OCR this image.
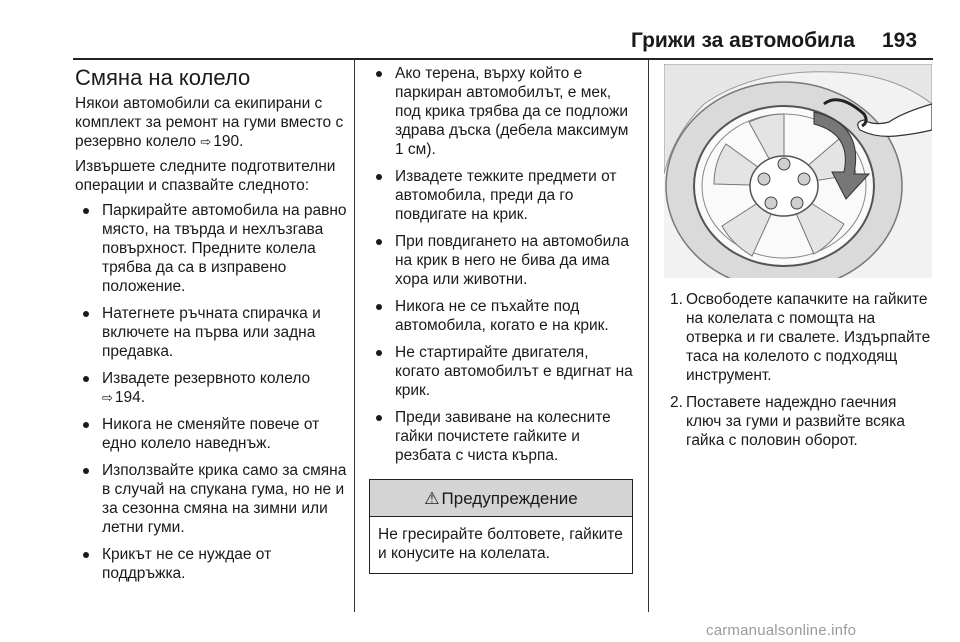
Грижи за автомобила 193
Смяна на колело

Някои автомобили са екипирани с комплект за ремонт на гуми вместо с резервно колело ⇨ 190.

Извършете следните подготвителни операции и спазвайте следното:

Паркирайте автомобила на равно място, на твърда и нехлъзгава повърхност. Предните колела трябва да са в изправено положение.
Натегнете ръчната спирачка и включете на първа или задна предавка.
Извадете резервното колело
⇨ 194.
Никога не сменяйте повече от едно колело наведнъж.
Използвайте крика само за смяна в случай на спукана гума, но не и за сезонна смяна на зимни или летни гуми.
Крикът не се нуждае от поддръжка.
Ако терена, върху който е паркиран автомобилът, е мек, под крика трябва да се подложи здрава дъска (дебела максимум 1 см).
Извадете тежките предмети от автомобила, преди да го повдигате на крик.
При повдигането на автомобила на крик в него не бива да има хора или животни.
Никога не се пъхайте под автомобила, когато е на крик.
Не стартирайте двигателя, когато автомобилът е вдигнат на крик.
Преди завиване на колесните гайки почистете гайките и резбата с чиста кърпа.
⚠ Предупреждение
Не гресирайте болтовете, гайките и конусите на колелата.
1. Освободете капачките на гайките на колелата с помощта на отверка и ги свалете. Издърпайте таса на колелото с подходящ инструмент.
2. Поставете надеждно гаечния ключ за гуми и развийте всяка гайка с половин оборот.
carmanualsonline.info
